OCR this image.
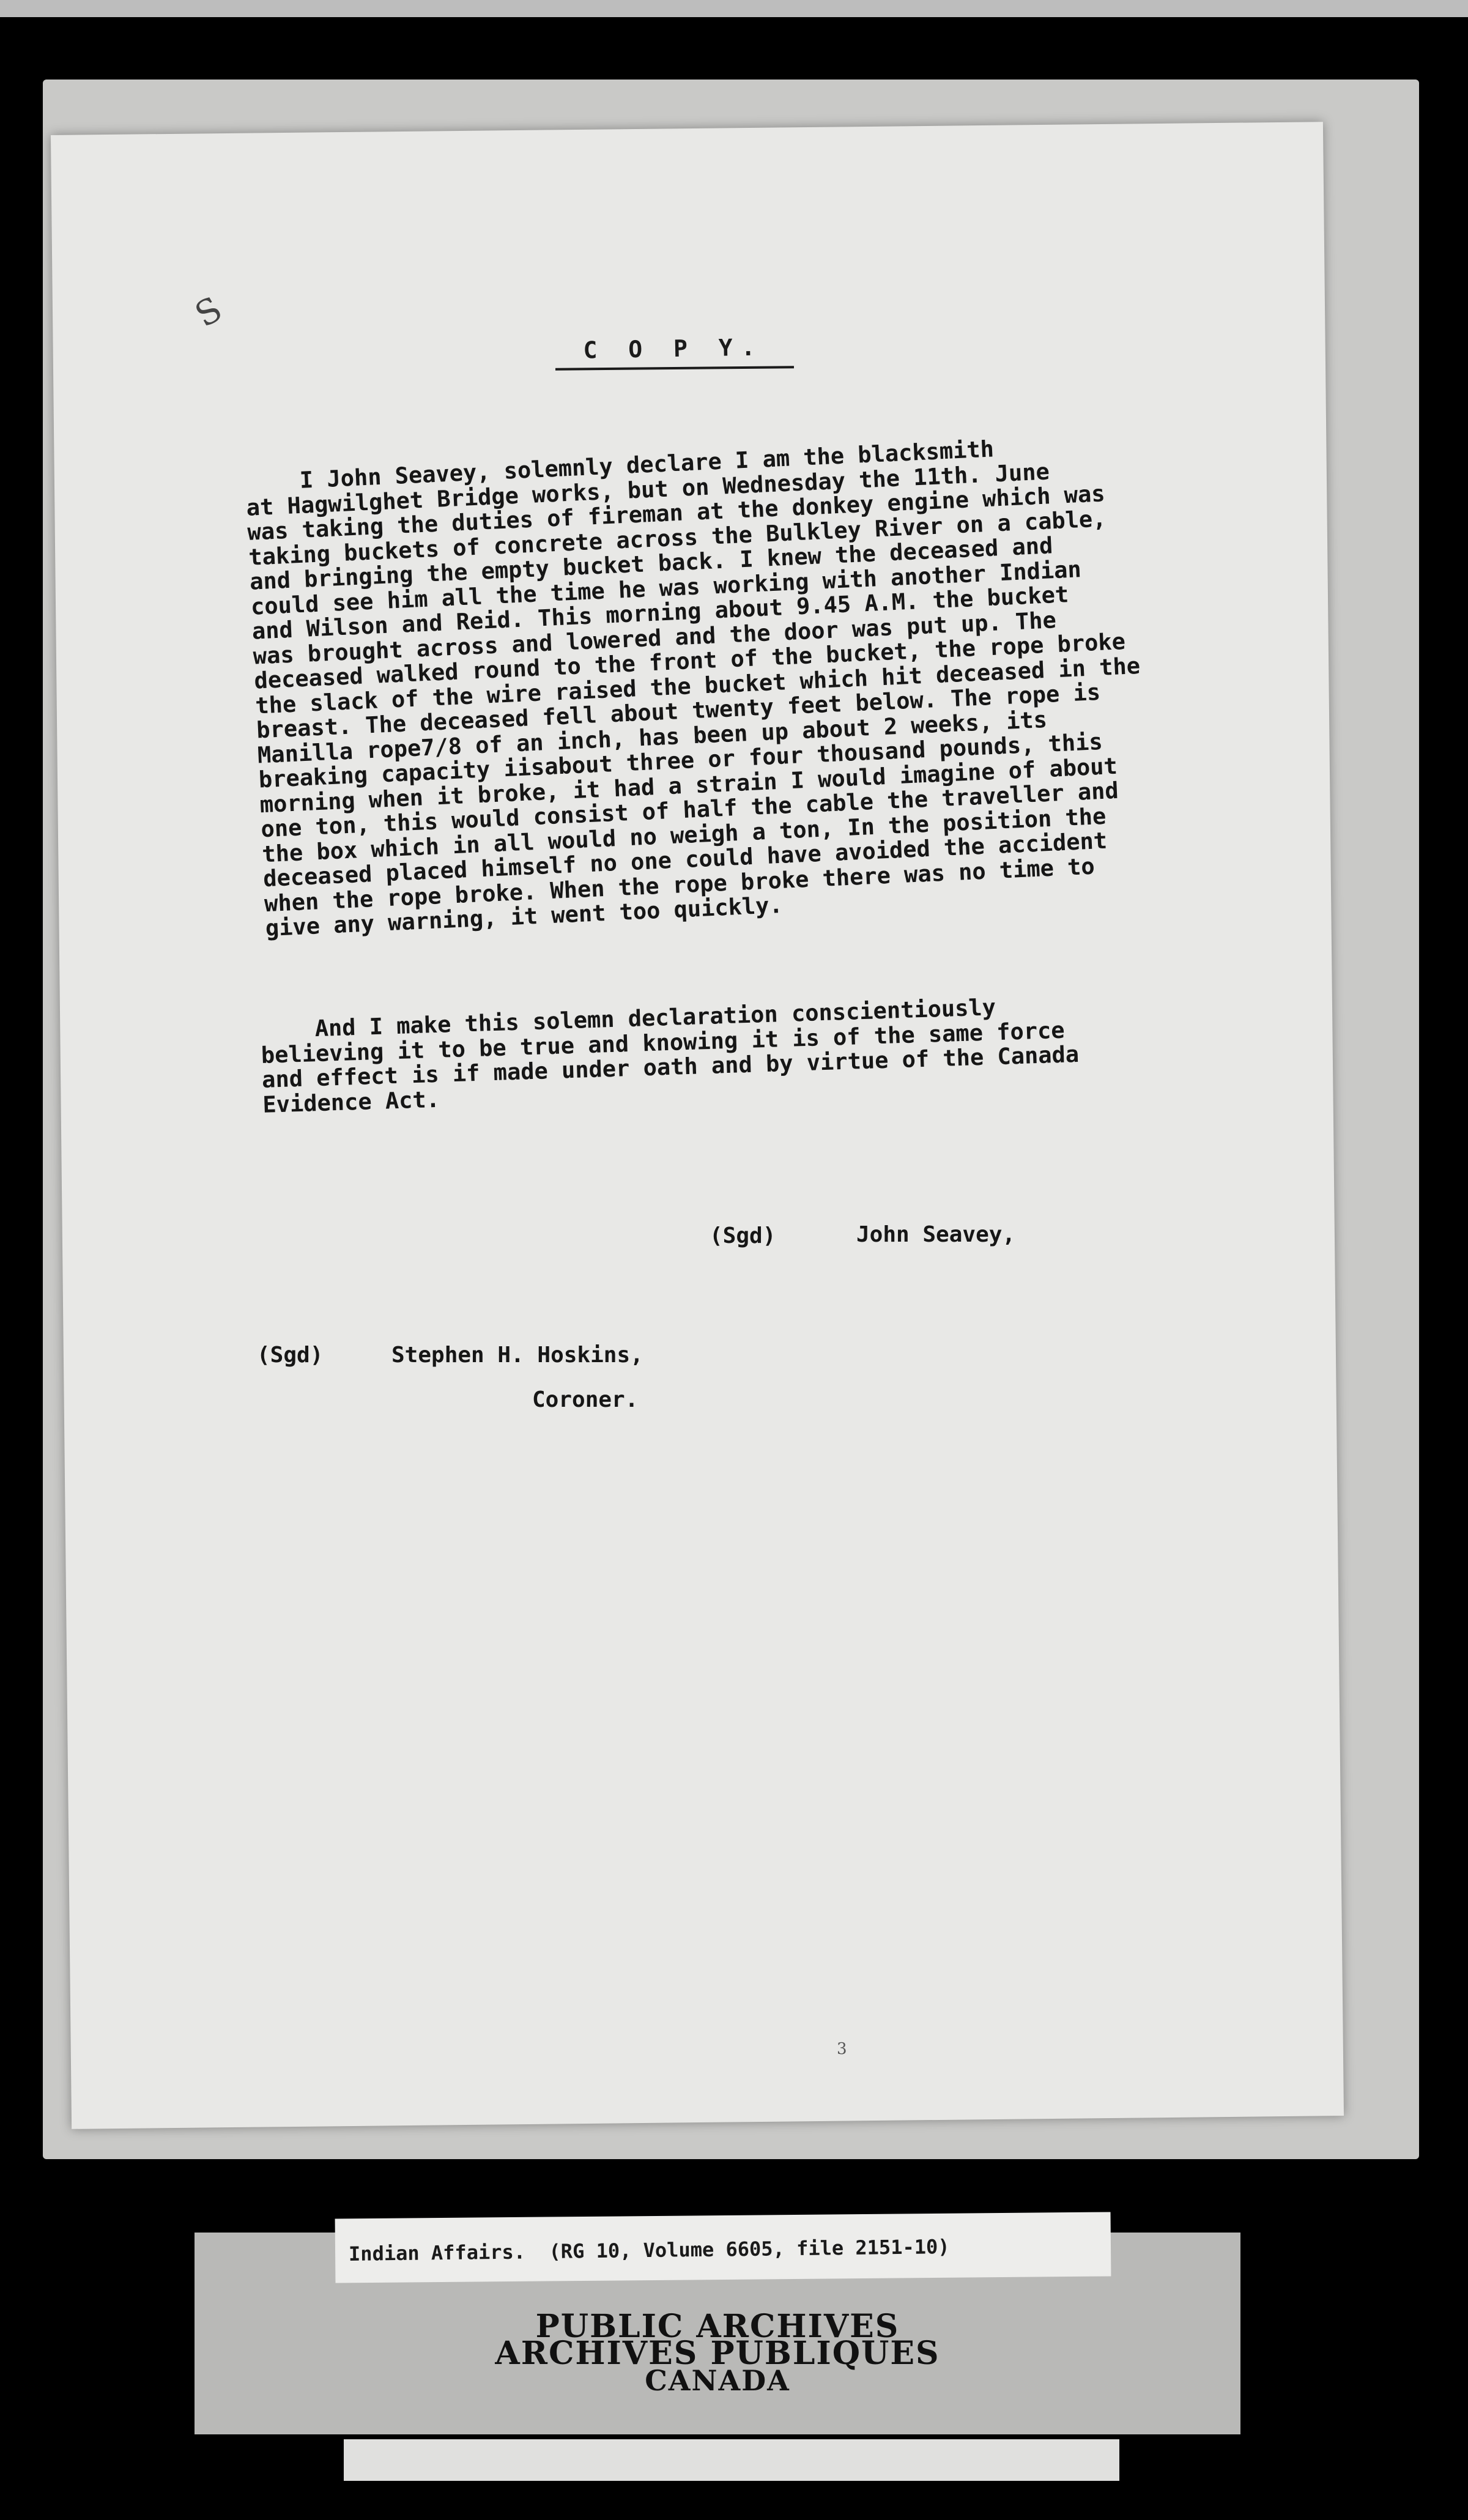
S
C O P Y.
I John Seavey, solemnly declare I am the blacksmith
at Hagwilghet Bridge works, but on Wednesday the 11th. June
was taking the duties of fireman at the donkey engine which was
taking buckets of concrete across the Bulkley River on a cable,
and bringing the empty bucket back. I knew the deceased and
could see him all the time he was working with another Indian
and Wilson and Reid. This morning about 9.45 A.M. the bucket
was brought across and lowered and the door was put up. The
deceased walked round to the front of the bucket, the rope broke
the slack of the wire raised the bucket which hit deceased in the
breast. The deceased fell about twenty feet below. The rope is
Manilla rope7/8 of an inch, has been up about 2 weeks, its
breaking capacity iisabout three or four thousand pounds, this
morning when it broke, it had a strain I would imagine of about
one ton, this would consist of half the cable the traveller and
the box which in all would no weigh a ton, In the position the
deceased placed himself no one could have avoided the accident
when the rope broke. When the rope broke there was no time to
give any warning, it went too quickly.
And I make this solemn declaration conscientiously
believing it to be true and knowing it is of the same force
and effect is if made under oath and by virtue of the Canada
Evidence Act.
(Sgd)	John Seavey,
(Sgd)	Stephen H. Hoskins,
Coroner.
3
Indian Affairs.  (RG 10, Volume 6605, file 2151-10)
PUBLIC ARCHIVES
ARCHIVES PUBLIQUES
CANADA
